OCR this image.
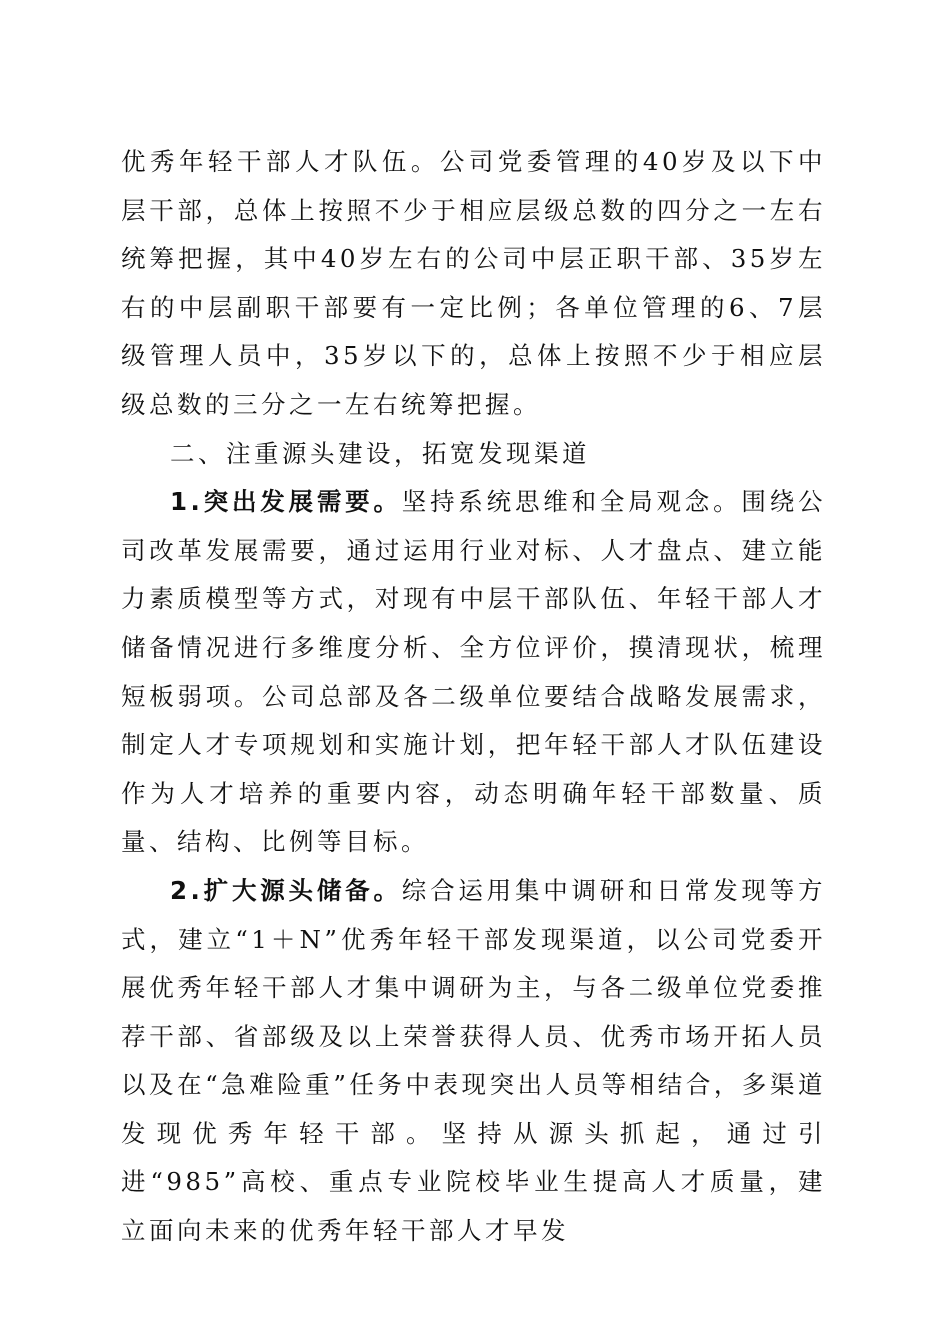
优秀年轻干部人才队伍。公司党委管理的40岁及以下中层干部，总体上按照不少于相应层级总数的四分之一左右统筹把握，其中40岁左右的公司中层正职干部、35岁左右的中层副职干部要有一定比例；各单位管理的6、7层级管理人员中，35岁以下的，总体上按照不少于相应层级总数的三分之一左右统筹把握。

二、注重源头建设，拓宽发现渠道

1.突出发展需要。坚持系统思维和全局观念。围绕公司改革发展需要，通过运用行业对标、人才盘点、建立能力素质模型等方式，对现有中层干部队伍、年轻干部人才储备情况进行多维度分析、全方位评价，摸清现状，梳理短板弱项。公司总部及各二级单位要结合战略发展需求，制定人才专项规划和实施计划，把年轻干部人才队伍建设作为人才培养的重要内容，动态明确年轻干部数量、质量、结构、比例等目标。

2.扩大源头储备。综合运用集中调研和日常发现等方式，建立“1＋N”优秀年轻干部发现渠道，以公司党委开展优秀年轻干部人才集中调研为主，与各二级单位党委推荐干部、省部级及以上荣誉获得人员、优秀市场开拓人员以及在“急难险重”任务中表现突出人员等相结合，多渠道发现优秀年轻干部。坚持从源头抓起，通过引进“985”高校、重点专业院校毕业生提高人才质量，建立面向未来的优秀年轻干部人才早发
